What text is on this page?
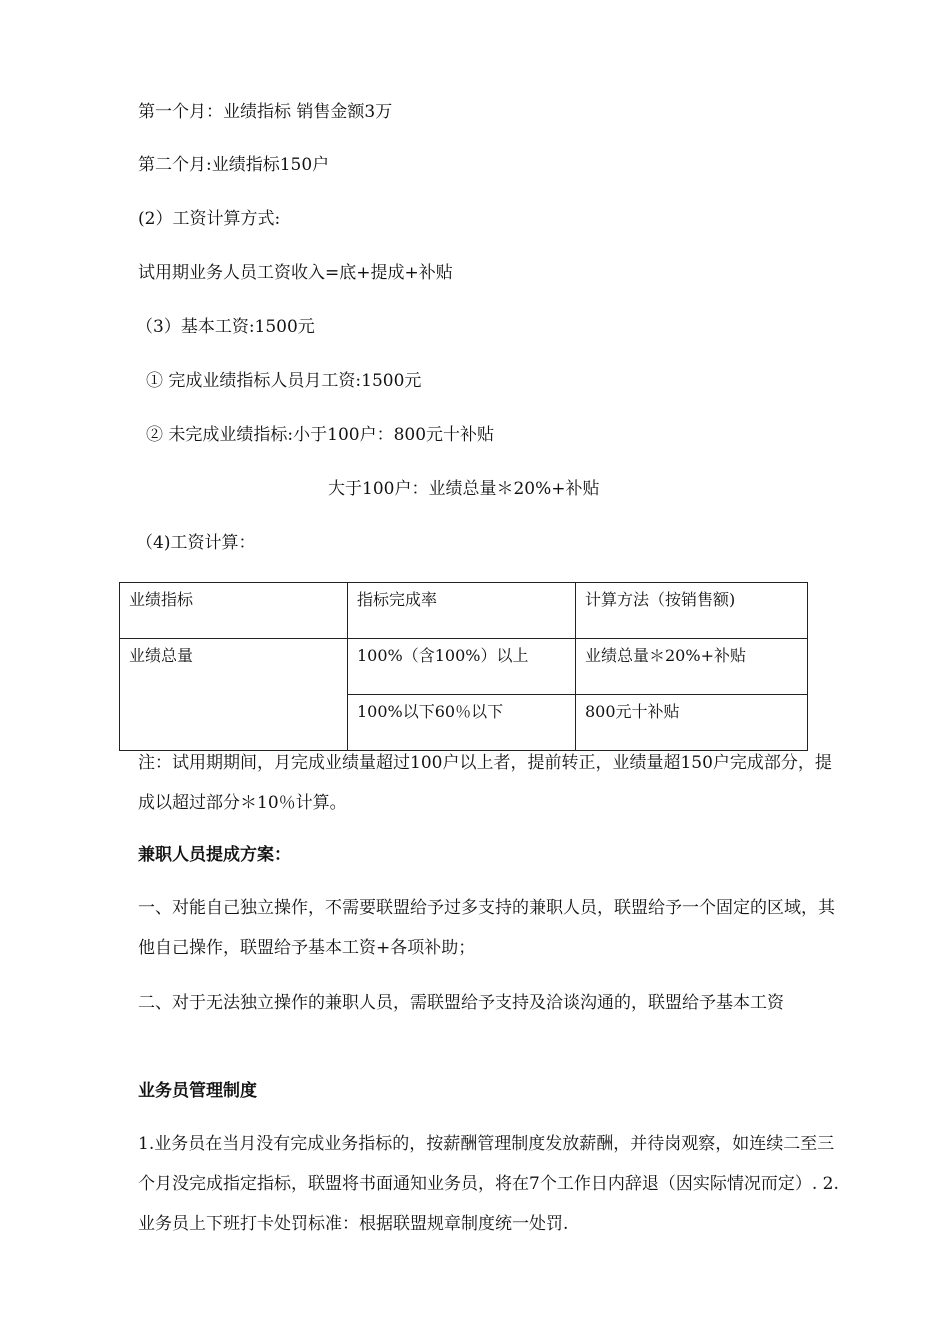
第一个月：业绩指标 销售金额3万
第二个月:业绩指标150户
(2）工资计算方式:
试用期业务人员工资收入=底+提成+补贴
（3）基本工资:1500元
① 完成业绩指标人员月工资:1500元
② 未完成业绩指标:小于100户：800元十补贴
大于100户：业绩总量＊20%+补贴
（4)工资计算：
业绩指标	指标完成率	计算方法（按销售额)
业绩总量	100%（含100%）以上	业绩总量＊20%+补贴
	100%以下60％以下	800元十补贴
注：试用期期间，月完成业绩量超过100户以上者，提前转正，业绩量超150户完成部分，提成以超过部分＊10％计算。
兼职人员提成方案：
一、对能自己独立操作，不需要联盟给予过多支持的兼职人员，联盟给予一个固定的区域，其他自己操作，联盟给予基本工资+各项补助；
二、对于无法独立操作的兼职人员，需联盟给予支持及洽谈沟通的，联盟给予基本工资
业务员管理制度
1.业务员在当月没有完成业务指标的，按薪酬管理制度发放薪酬，并待岗观察，如连续二至三个月没完成指定指标，联盟将书面通知业务员，将在7个工作日内辞退（因实际情况而定）. 2.业务员上下班打卡处罚标准：根据联盟规章制度统一处罚.
